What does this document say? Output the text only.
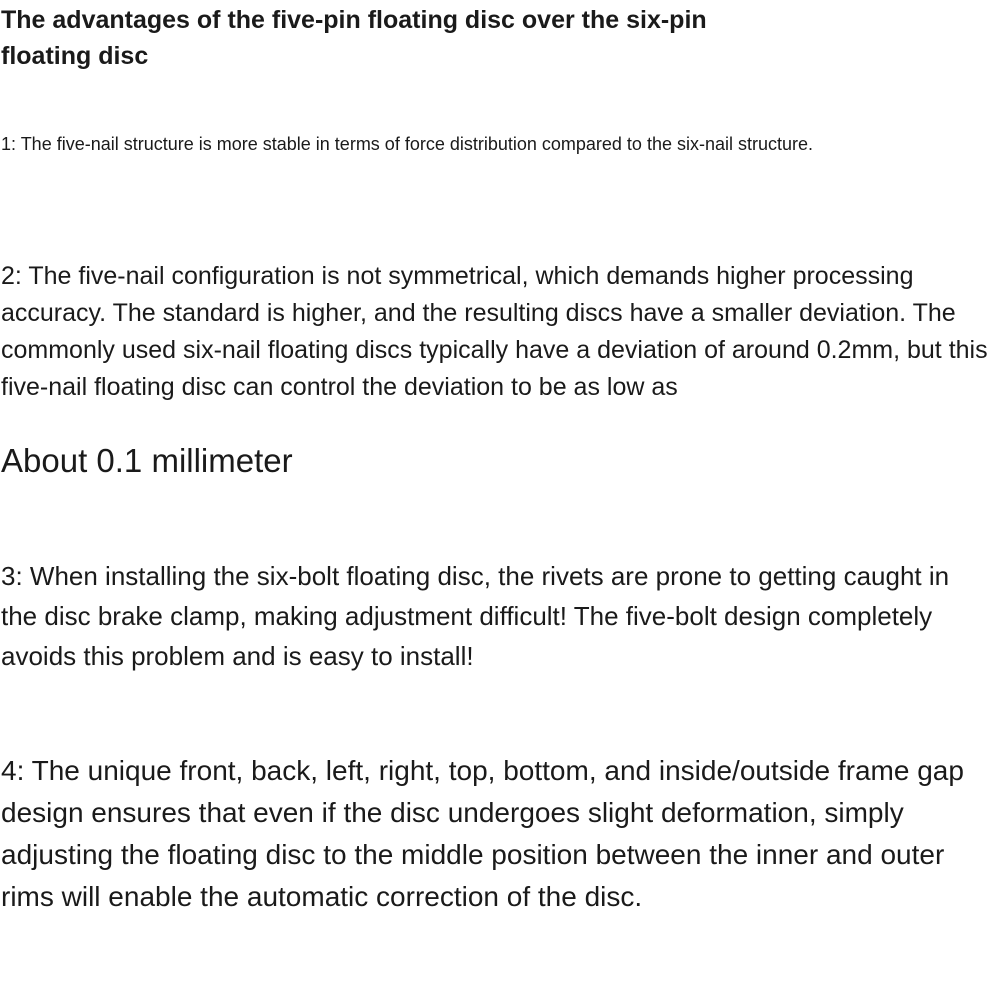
The advantages of the five-pin floating disc over the six-pin floating disc

1: The five-nail structure is more stable in terms of force distribution compared to the six-nail structure.

2: The five-nail configuration is not symmetrical, which demands higher processing accuracy. The standard is higher, and the resulting discs have a smaller deviation. The commonly used six-nail floating discs typically have a deviation of around 0.2mm, but this five-nail floating disc can control the deviation to be as low as

About 0.1 millimeter

3: When installing the six-bolt floating disc, the rivets are prone to getting caught in the disc brake clamp, making adjustment difficult! The five-bolt design completely avoids this problem and is easy to install!

4: The unique front, back, left, right, top, bottom, and inside/outside frame gap design ensures that even if the disc undergoes slight deformation, simply adjusting the floating disc to the middle position between the inner and outer rims will enable the automatic correction of the disc.
